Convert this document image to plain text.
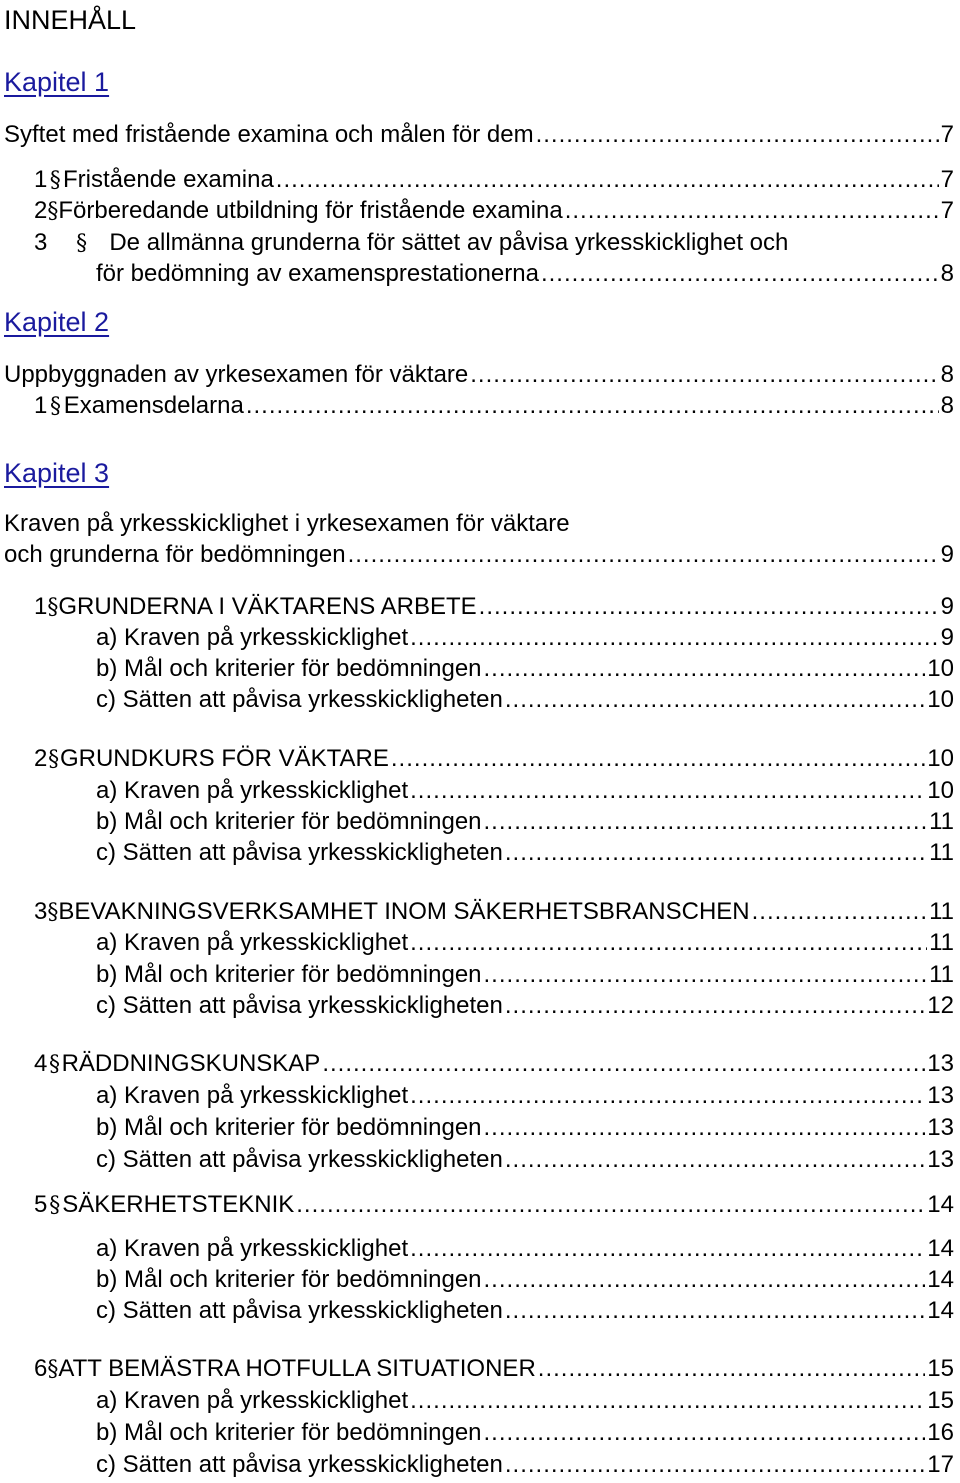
INNEHÅLL
Kapitel 1
Kapitel 2
Kapitel 3
Syftet med fristående examina och målen för dem .....	7
1 § Fristående examina .....	7
2 § Förberedande utbildning för fristående examina .....	7
3 § De allmänna grunderna för sättet av påvisa yrkesskicklighet och
för bedömning av examensprestationerna .....	8
Uppbyggnaden av yrkesexamen för väktare .....	8
1 § Examensdelarna .....	8
Kraven på yrkesskicklighet i yrkesexamen för väktare
och grunderna för bedömningen .....	9
1 § GRUNDERNA I VÄKTARENS ARBETE .....	9
a) Kraven på yrkesskicklighet .....	9
b) Mål och kriterier för bedömningen .....	10
c) Sätten att påvisa yrkesskickligheten .....	10
2 § GRUNDKURS FÖR VÄKTARE .....	10
a) Kraven på yrkesskicklighet .....	10
b) Mål och kriterier för bedömningen .....	11
c) Sätten att påvisa yrkesskickligheten .....	11
3 § BEVAKNINGSVERKSAMHET INOM SÄKERHETSBRANSCHEN .....	11
a) Kraven på yrkesskicklighet .....	11
b) Mål och kriterier för bedömningen .....	11
c) Sätten att påvisa yrkesskickligheten .....	12
4 § RÄDDNINGSKUNSKAP .....	13
a) Kraven på yrkesskicklighet .....	13
b) Mål och kriterier för bedömningen .....	13
c) Sätten att påvisa yrkesskickligheten .....	13
5 § SÄKERHETSTEKNIK .....	14
a) Kraven på yrkesskicklighet .....	14
b) Mål och kriterier för bedömningen .....	14
c) Sätten att påvisa yrkesskickligheten .....	14
6 § ATT BEMÄSTRA HOTFULLA SITUATIONER .....	15
a) Kraven på yrkesskicklighet .....	15
b) Mål och kriterier för bedömningen .....	16
c) Sätten att påvisa yrkesskickligheten .....	17
